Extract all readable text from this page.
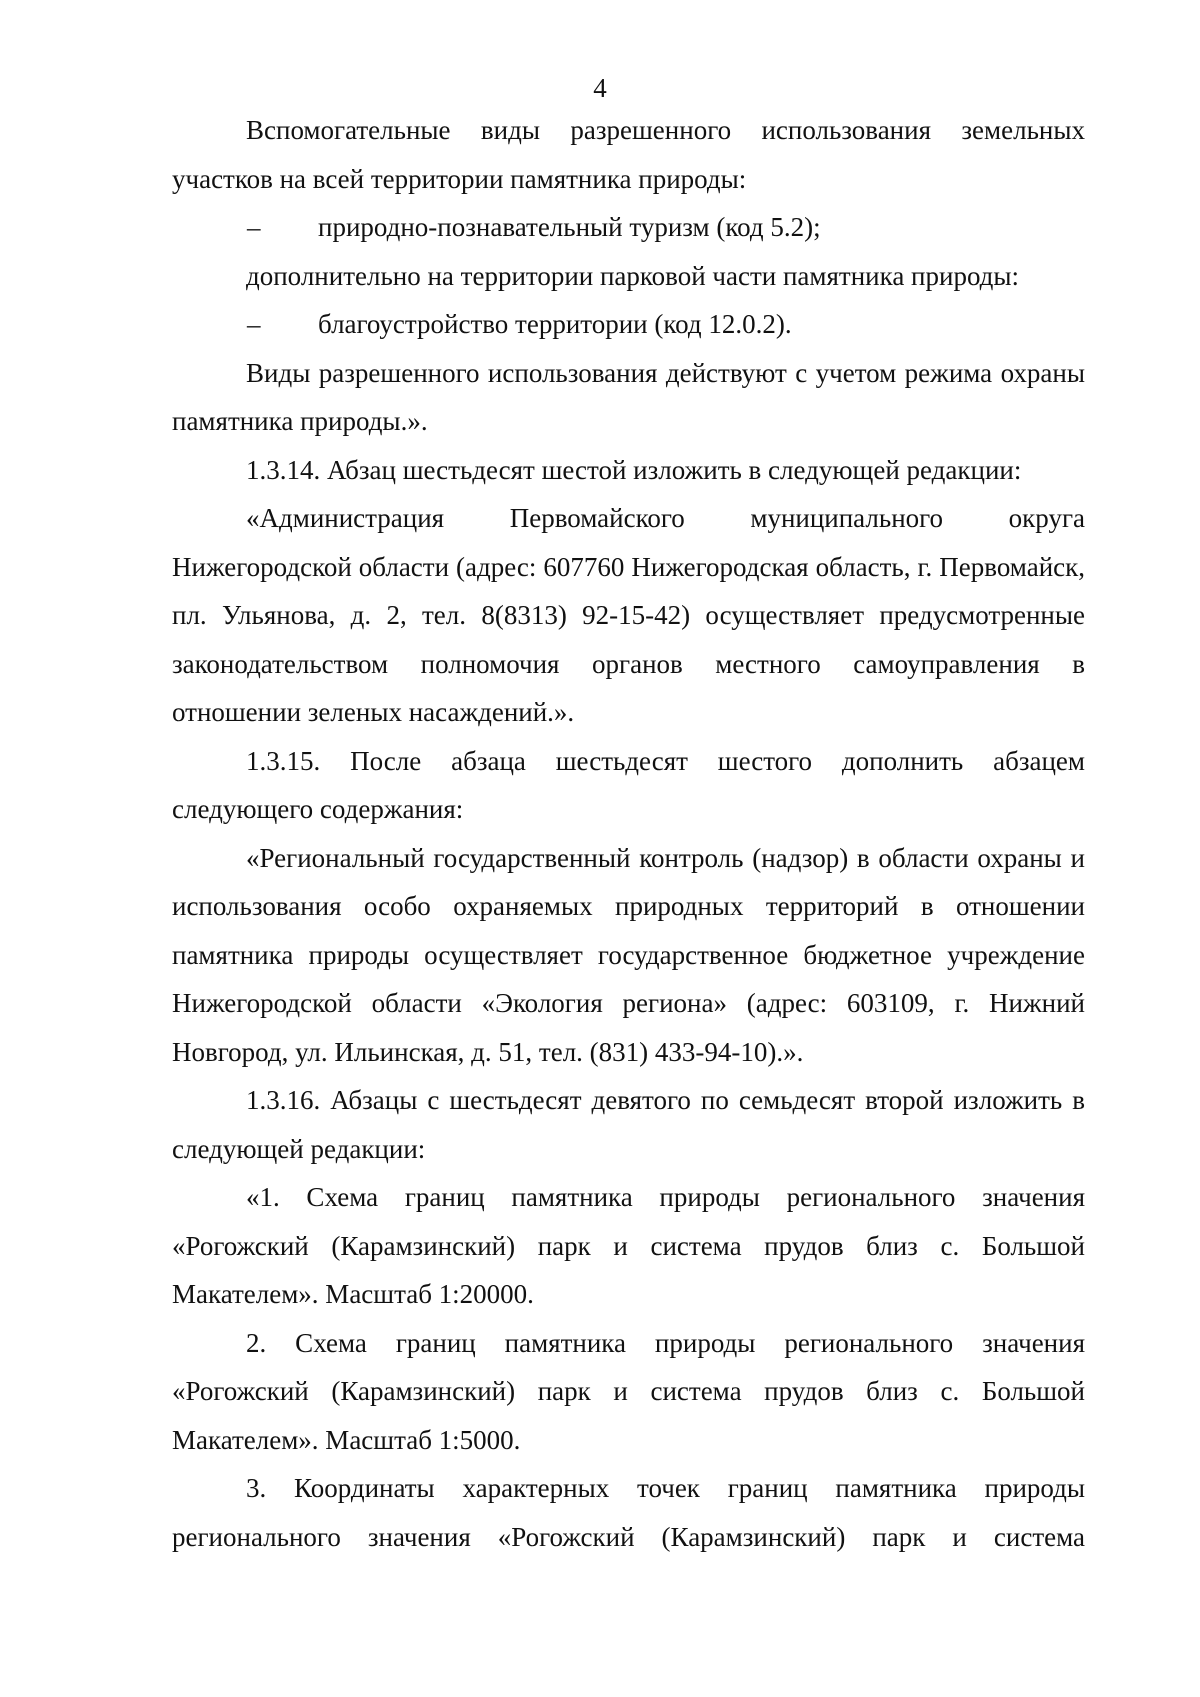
4

Вспомогательные виды разрешенного использования земельных участков на всей территории памятника природы:

– природно-познавательный туризм (код 5.2);

дополнительно на территории парковой части памятника природы:

– благоустройство территории (код 12.0.2).

Виды разрешенного использования действуют с учетом режима охраны памятника природы.».

1.3.14. Абзац шестьдесят шестой изложить в следующей редакции:

«Администрация Первомайского муниципального округа Нижегородской области (адрес: 607760 Нижегородская область, г. Первомайск, пл. Ульянова, д. 2, тел. 8(8313) 92-15-42) осуществляет предусмотренные законодательством полномочия органов местного самоуправления в отношении зеленых насаждений.».

1.3.15. После абзаца шестьдесят шестого дополнить абзацем следующего содержания:

«Региональный государственный контроль (надзор) в области охраны и использования особо охраняемых природных территорий в отношении памятника природы осуществляет государственное бюджетное учреждение Нижегородской области «Экология региона» (адрес: 603109, г. Нижний Новгород, ул. Ильинская, д. 51, тел. (831) 433-94-10).».

1.3.16. Абзацы с шестьдесят девятого по семьдесят второй изложить в следующей редакции:

«1. Схема границ памятника природы регионального значения «Рогожский (Карамзинский) парк и система прудов близ с. Большой Макателем». Масштаб 1:20000.

2. Схема границ памятника природы регионального значения «Рогожский (Карамзинский) парк и система прудов близ с. Большой Макателем». Масштаб 1:5000.

3. Координаты характерных точек границ памятника природы регионального значения «Рогожский (Карамзинский) парк и система
